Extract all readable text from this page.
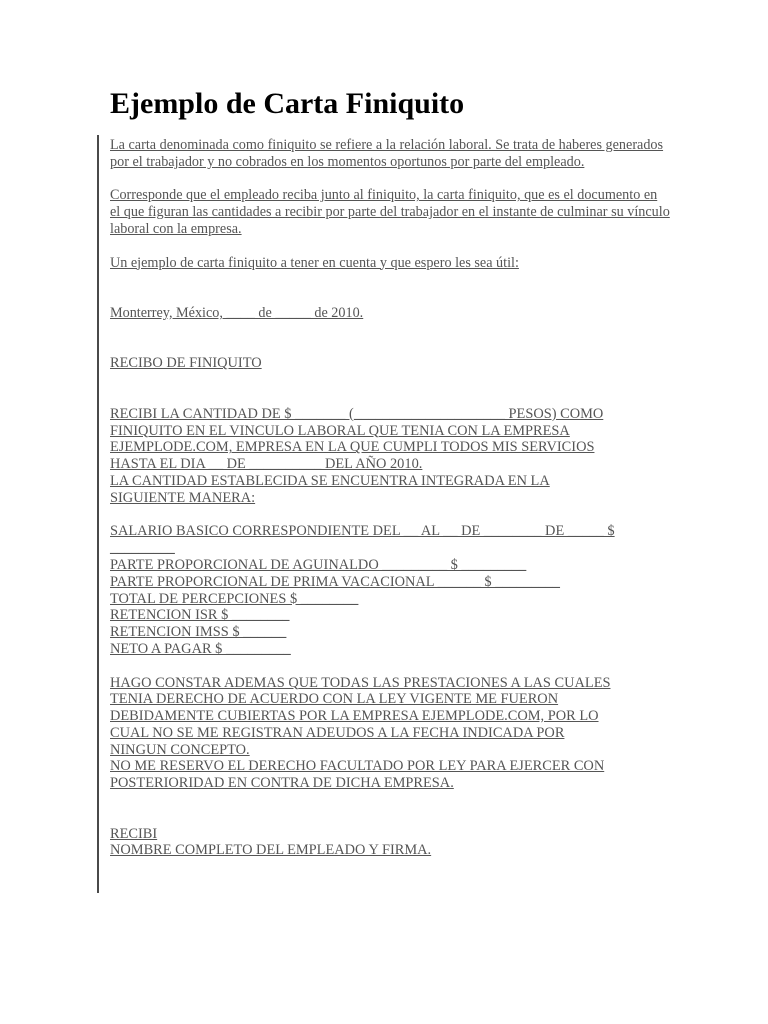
Ejemplo de Carta Finiquito

La carta denominada como finiquito se refiere a la relación laboral. Se trata de haberes generados por el trabajador y no cobrados en los momentos oportunos por parte del empleado.

Corresponde que el empleado reciba junto al finiquito, la carta finiquito, que es el documento en el que figuran las cantidades a recibir por parte del trabajador en el instante de culminar su vínculo laboral con la empresa.

Un ejemplo de carta finiquito a tener en cuenta y que espero les sea útil:

Monterrey, México, ____ de _____ de 2010.

RECIBO DE FINIQUITO

RECIBI LA CANTIDAD DE $ _______ (_____________________ PESOS) COMO
FINIQUITO EN EL VINCULO LABORAL QUE TENIA CON LA EMPRESA
EJEMPLODE.COM, EMPRESA EN LA QUE CUMPLI TODOS MIS SERVICIOS
HASTA EL DIA __ DE __________ DEL AÑO 2010.
LA CANTIDAD ESTABLECIDA SE ENCUENTRA INTEGRADA EN LA
SIGUIENTE MANERA:
SALARIO BASICO CORRESPONDIENTE DEL __ AL __ DE ________ DE _____ $
_________
PARTE PROPORCIONAL DE AGUINALDO _________ $ _________
PARTE PROPORCIONAL DE PRIMA VACACIONAL ______ $ _________
TOTAL DE PERCEPCIONES $ ________
RETENCION ISR $ ________
RETENCION IMSS $ ______
NETO A PAGAR $ _________
HAGO CONSTAR ADEMAS QUE TODAS LAS PRESTACIONES A LAS CUALES
TENIA DERECHO DE ACUERDO CON LA LEY VIGENTE ME FUERON
DEBIDAMENTE CUBIERTAS POR LA EMPRESA EJEMPLODE.COM, POR LO
CUAL NO SE ME REGISTRAN ADEUDOS A LA FECHA INDICADA POR
NINGUN CONCEPTO.
NO ME RESERVO EL DERECHO FACULTADO POR LEY PARA EJERCER CON
POSTERIORIDAD EN CONTRA DE DICHA EMPRESA.
RECIBI
NOMBRE COMPLETO DEL EMPLEADO Y FIRMA.
